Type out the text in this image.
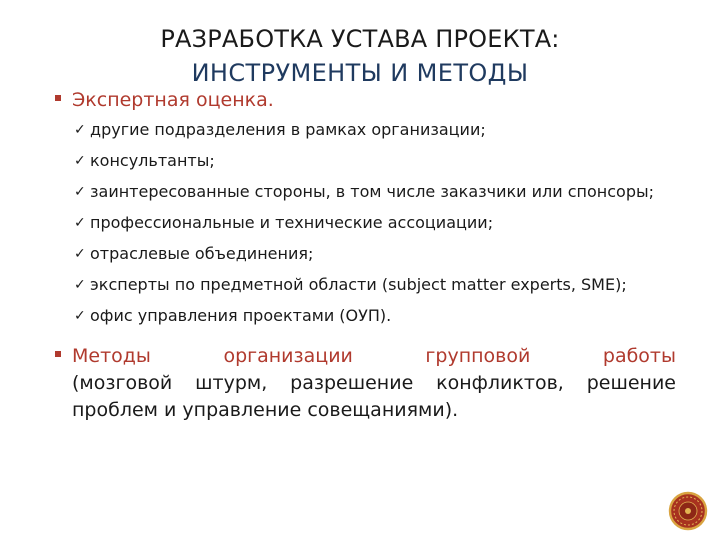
РАЗРАБОТКА УСТАВА ПРОЕКТА:
ИНСТРУМЕНТЫ И МЕТОДЫ
Экспертная оценка.
✓ другие подразделения в рамках организации;
✓ консультанты;
✓ заинтересованные стороны, в том числе заказчики или спонсоры;
✓ профессиональные и технические ассоциации;
✓ отраслевые объединения;
✓ эксперты по предметной области (subject matter experts, SME);
✓ офис управления проектами (ОУП).
Методы организации групповой работы
(мозговой штурм, разрешение конфликтов, решение проблем и управление совещаниями).
